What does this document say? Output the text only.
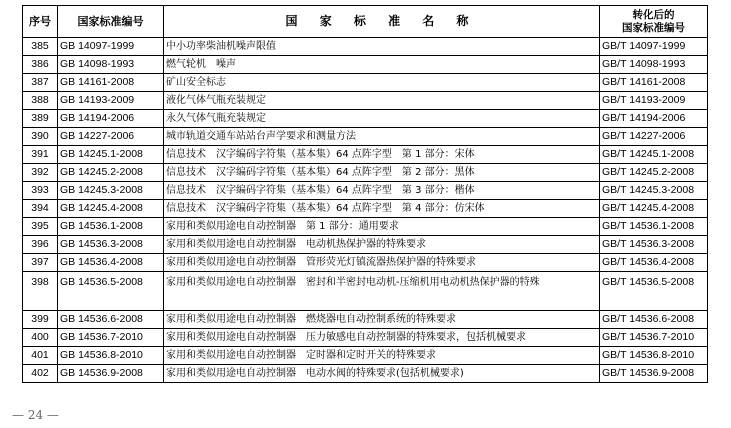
序号	国家标准编号	国 家 标 准 名 称	转化后的
国家标准编号
385	GB 14097-1999	中小功率柴油机噪声限值	GB/T 14097-1999
386	GB 14098-1993	燃气轮机　噪声	GB/T 14098-1993
387	GB 14161-2008	矿山安全标志	GB/T 14161-2008
388	GB 14193-2009	液化气体气瓶充装规定	GB/T 14193-2009
389	GB 14194-2006	永久气体气瓶充装规定	GB/T 14194-2006
390	GB 14227-2006	城市轨道交通车站站台声学要求和测量方法	GB/T 14227-2006
391	GB 14245.1-2008	信息技术　汉字编码字符集（基本集）64 点阵字型　第 1 部分：宋体	GB/T 14245.1-2008
392	GB 14245.2-2008	信息技术　汉字编码字符集（基本集）64 点阵字型　第 2 部分：黑体	GB/T 14245.2-2008
393	GB 14245.3-2008	信息技术　汉字编码字符集（基本集）64 点阵字型　第 3 部分：楷体	GB/T 14245.3-2008
394	GB 14245.4-2008	信息技术　汉字编码字符集（基本集）64 点阵字型　第 4 部分：仿宋体	GB/T 14245.4-2008
395	GB 14536.1-2008	家用和类似用途电自动控制器　第 1 部分：通用要求	GB/T 14536.1-2008
396	GB 14536.3-2008	家用和类似用途电自动控制器　电动机热保护器的特殊要求	GB/T 14536.3-2008
397	GB 14536.4-2008	家用和类似用途电自动控制器　管形荧光灯镇流器热保护器的特殊要求	GB/T 14536.4-2008
398	GB 14536.5-2008	家用和类似用途电自动控制器　密封和半密封电动机-压缩机用电动机热保护器的特殊	GB/T 14536.5-2008
399	GB 14536.6-2008	家用和类似用途电自动控制器　燃烧器电自动控制系统的特殊要求	GB/T 14536.6-2008
400	GB 14536.7-2010	家用和类似用途电自动控制器　压力敏感电自动控制器的特殊要求，包括机械要求	GB/T 14536.7-2010
401	GB 14536.8-2010	家用和类似用途电自动控制器　定时器和定时开关的特殊要求	GB/T 14536.8-2010
402	GB 14536.9-2008	家用和类似用途电自动控制器　电动水阀的特殊要求(包括机械要求)	GB/T 14536.9-2008
— 24 —
